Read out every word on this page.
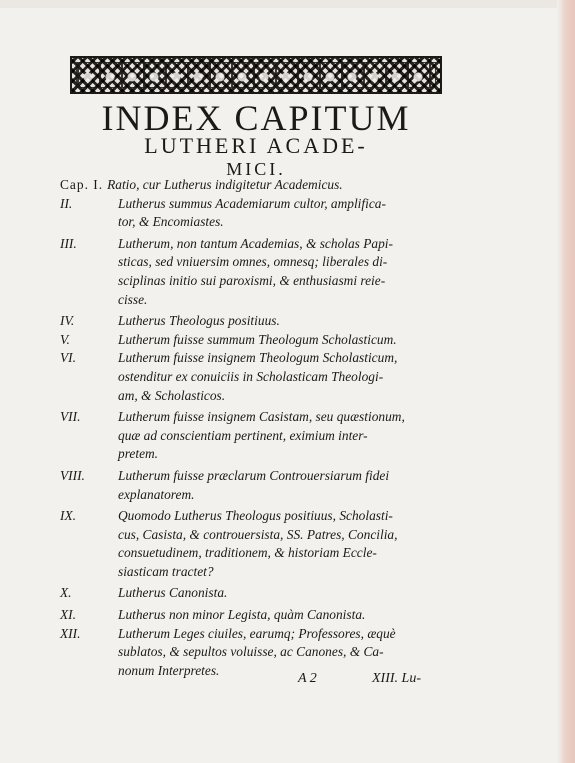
INDEX CAPITUM
LUTHERI ACADE-
MICI.
Cap. I. Ratio, cur Lutherus indigitetur Academicus.
II.	Lutherus summus Academiarum cultor, amplifica-
tor, & Encomiastes.
III.	Lutherum, non tantum Academias, & scholas Papi-
sticas, sed vniuersim omnes, omnesq; liberales di-
sciplinas initio sui paroxismi, & enthusiasmi reie-
cisse.
IV.	Lutherus Theologus positiuus.
V.	Lutherum fuisse summum Theologum Scholasticum.
VI.	Lutherum fuisse insignem Theologum Scholasticum,
ostenditur ex conuiciis in Scholasticam Theologi-
am, & Scholasticos.
VII.	Lutherum fuisse insignem Casistam, seu quæstionum,
quæ ad conscientiam pertinent, eximium inter-
pretem.
VIII.	Lutherum fuisse præclarum Controuersiarum fidei
explanatorem.
IX.	Quomodo Lutherus Theologus positiuus, Scholasti-
cus, Casista, & controuersista, SS. Patres, Concilia,
consuetudinem, traditionem, & historiam Eccle-
siasticam tractet?
X.	Lutherus Canonista.
XI.	Lutherus non minor Legista, quàm Canonista.
XII.	Lutherum Leges ciuiles, earumq; Professores, æquè
sublatos, & sepultos voluisse, ac Canones, & Ca-
nonum Interpretes.
A 2	XIII. Lu-
